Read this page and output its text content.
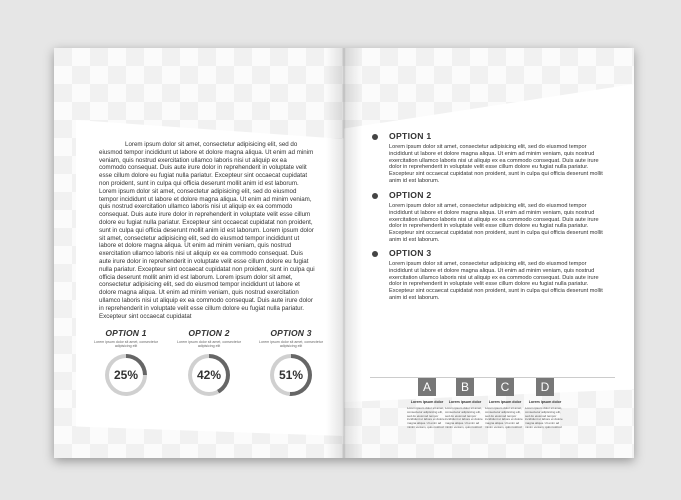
Lorem ipsum dolor sit amet, consectetur adipisicing elit, sed do eiusmod tempor incididunt ut labore et dolore magna aliqua. Ut enim ad minim veniam, quis nostrud exercitation ullamco laboris nisi ut aliquip ex ea commodo consequat. Duis aute irure dolor in reprehenderit in voluptate velit esse cillum dolore eu fugiat nulla pariatur. Excepteur sint occaecat cupidatat non proident, sunt in culpa qui officia deserunt mollit anim id est laborum. Lorem ipsum dolor sit amet, consectetur adipisicing elit, sed do eiusmod tempor incididunt ut labore et dolore magna aliqua. Ut enim ad minim veniam, quis nostrud exercitation ullamco laboris nisi ut aliquip ex ea commodo consequat. Duis aute irure dolor in reprehenderit in voluptate velit esse cillum dolore eu fugiat nulla pariatur. Excepteur sint occaecat cupidatat non proident, sunt in culpa qui officia deserunt mollit anim id est laborum. Lorem ipsum dolor sit amet, consectetur adipisicing elit, sed do eiusmod tempor incididunt ut labore et dolore magna aliqua. Ut enim ad minim veniam, quis nostrud exercitation ullamco laboris nisi ut aliquip ex ea commodo consequat. Duis aute irure dolor in reprehenderit in voluptate velit esse cillum dolore eu fugiat nulla pariatur. Excepteur sint occaecat cupidatat non proident, sunt in culpa qui officia deserunt mollit anim id est laborum. Lorem ipsum dolor sit amet, consectetur adipisicing elit, sed do eiusmod tempor incididunt ut labore et dolore magna aliqua. Ut enim ad minim veniam, quis nostrud exercitation ullamco laboris nisi ut aliquip ex ea commodo consequat. Duis aute irure dolor in reprehenderit in voluptate velit esse cillum dolore eu fugiat nulla pariatur. Excepteur sint occaecat cupidatat
OPTION 1
Lorem ipsum dolor sit amet, consectetur adipisicing elit
25%
OPTION 2
Lorem ipsum dolor sit amet, consectetur adipisicing elit
42%
OPTION 3
Lorem ipsum dolor sit amet, consectetur adipisicing elit
51%
OPTION 1
Lorem ipsum dolor sit amet, consectetur adipisicing elit, sed do eiusmod tempor incididunt ut labore et dolore magna aliqua. Ut enim ad minim veniam, quis nostrud exercitation ullamco laboris nisi ut aliquip ex ea commodo consequat. Duis aute irure dolor in reprehenderit in voluptate velit esse cillum dolore eu fugiat nulla pariatur. Excepteur sint occaecat cupidatat non proident, sunt in culpa qui officia deserunt mollit anim id est laborum.
OPTION 2
Lorem ipsum dolor sit amet, consectetur adipisicing elit, sed do eiusmod tempor incididunt ut labore et dolore magna aliqua. Ut enim ad minim veniam, quis nostrud exercitation ullamco laboris nisi ut aliquip ex ea commodo consequat. Duis aute irure dolor in reprehenderit in voluptate velit esse cillum dolore eu fugiat nulla pariatur. Excepteur sint occaecat cupidatat non proident, sunt in culpa qui officia deserunt mollit anim id est laborum.
OPTION 3
Lorem ipsum dolor sit amet, consectetur adipisicing elit, sed do eiusmod tempor incididunt ut labore et dolore magna aliqua. Ut enim ad minim veniam, quis nostrud exercitation ullamco laboris nisi ut aliquip ex ea commodo consequat. Duis aute irure dolor in reprehenderit in voluptate velit esse cillum dolore eu fugiat nulla pariatur. Excepteur sint occaecat cupidatat non proident, sunt in culpa qui officia deserunt mollit anim id est laborum.
A
Lorem ipsum dolor
Lorem ipsum dolor sit amet, consectetur adipisicing elit, sed do eiusmod tempor incididunt ut labore et dolore magna aliqua. Ut enim ad minim veniam, quis nostrud
B
Lorem ipsum dolor
Lorem ipsum dolor sit amet, consectetur adipisicing elit, sed do eiusmod tempor incididunt ut labore et dolore magna aliqua. Ut enim ad minim veniam, quis nostrud
C
Lorem ipsum dolor
Lorem ipsum dolor sit amet, consectetur adipisicing elit, sed do eiusmod tempor incididunt ut labore et dolore magna aliqua. Ut enim ad minim veniam, quis nostrud
D
Lorem ipsum dolor
Lorem ipsum dolor sit amet, consectetur adipisicing elit, sed do eiusmod tempor incididunt ut labore et dolore magna aliqua. Ut enim ad minim veniam, quis nostrud
